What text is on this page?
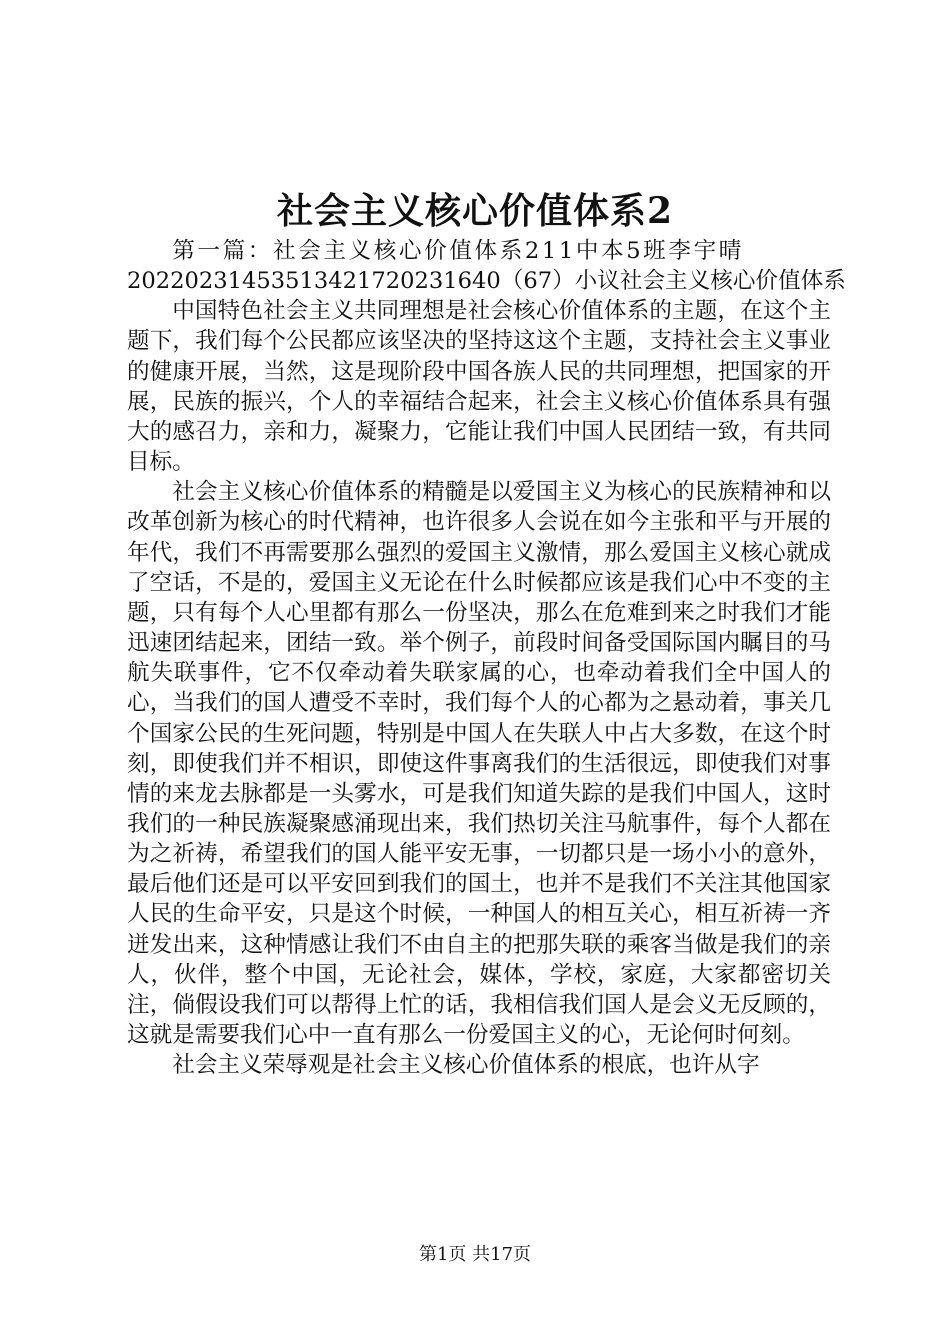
社会主义核心价值体系2
第一篇：社会主义核心价值体系211中本5班李宇晴
20220231453513421720231640（67）小议社会主义核心价值体系

中国特色社会主义共同理想是社会核心价值体系的主题，在这个主题下，我们每个公民都应该坚决的坚持这这个主题，支持社会主义事业的健康开展，当然，这是现阶段中国各族人民的共同理想，把国家的开展，民族的振兴，个人的幸福结合起来，社会主义核心价值体系具有强大的感召力，亲和力，凝聚力，它能让我们中国人民团结一致，有共同目标。

社会主义核心价值体系的精髓是以爱国主义为核心的民族精神和以改革创新为核心的时代精神，也许很多人会说在如今主张和平与开展的年代，我们不再需要那么强烈的爱国主义激情，那么爱国主义核心就成了空话，不是的，爱国主义无论在什么时候都应该是我们心中不变的主题，只有每个人心里都有那么一份坚决，那么在危难到来之时我们才能迅速团结起来，团结一致。举个例子，前段时间备受国际国内瞩目的马航失联事件，它不仅牵动着失联家属的心，也牵动着我们全中国人的心，当我们的国人遭受不幸时，我们每个人的心都为之悬动着，事关几个国家公民的生死问题，特别是中国人在失联人中占大多数，在这个时刻，即使我们并不相识，即使这件事离我们的生活很远，即使我们对事情的来龙去脉都是一头雾水，可是我们知道失踪的是我们中国人，这时我们的一种民族凝聚感涌现出来，我们热切关注马航事件，每个人都在为之祈祷，希望我们的国人能平安无事，一切都只是一场小小的意外，最后他们还是可以平安回到我们的国土，也并不是我们不关注其他国家人民的生命平安，只是这个时候，一种国人的相互关心，相互祈祷一齐迸发出来，这种情感让我们不由自主的把那失联的乘客当做是我们的亲人，伙伴，整个中国，无论社会，媒体，学校，家庭，大家都密切关注，倘假设我们可以帮得上忙的话，我相信我们国人是会义无反顾的，这就是需要我们心中一直有那么一份爱国主义的心，无论何时何刻。

社会主义荣辱观是社会主义核心价值体系的根底，也许从字

第1页 共17页
